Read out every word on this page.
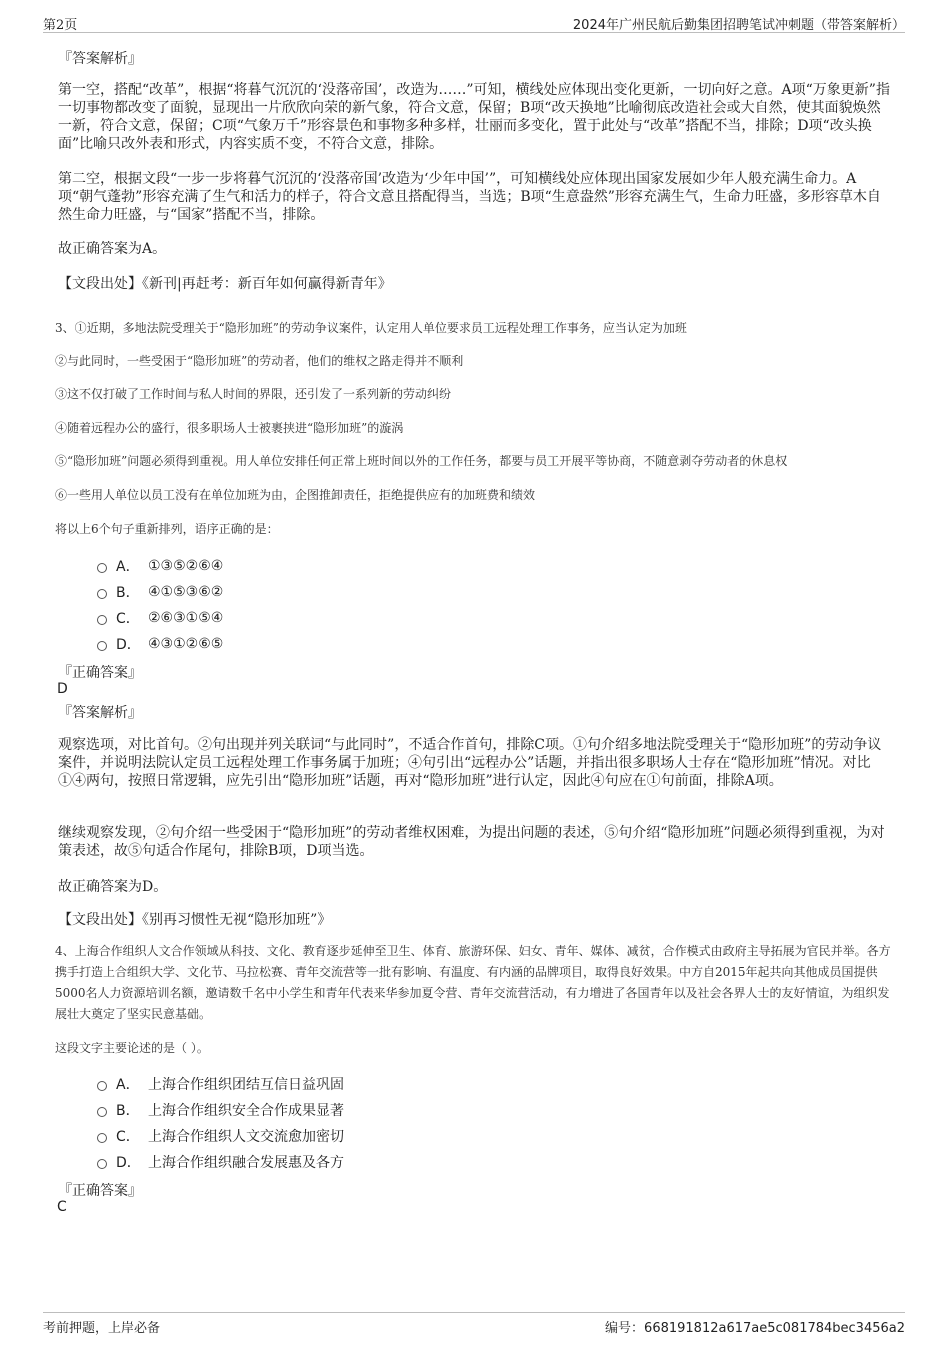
第2页	2024年广州民航后勤集团招聘笔试冲刺题（带答案解析）
『答案解析』

第一空，搭配“改革”，根据“将暮气沉沉的‘没落帝国’，改造为……”可知，横线处应体现出变化更新，一切向好之意。A项“万象更新”指一切事物都改变了面貌，显现出一片欣欣向荣的新气象，符合文意，保留；B项“改天换地”比喻彻底改造社会或大自然，使其面貌焕然一新，符合文意，保留；C项“气象万千”形容景色和事物多种多样，壮丽而多变化，置于此处与“改革”搭配不当，排除；D项“改头换面”比喻只改外表和形式，内容实质不变，不符合文意，排除。

第二空，根据文段“一步一步将暮气沉沉的‘没落帝国’改造为‘少年中国’”，可知横线处应体现出国家发展如少年人般充满生命力。A项“朝气蓬勃”形容充满了生气和活力的样子，符合文意且搭配得当，当选；B项“生意盎然”形容充满生气，生命力旺盛，多形容草木自然生命力旺盛，与“国家”搭配不当，排除。

故正确答案为A。
【文段出处】《新刊|再赶考：新百年如何赢得新青年》
3、①近期，多地法院受理关于“隐形加班”的劳动争议案件，认定用人单位要求员工远程处理工作事务，应当认定为加班
②与此同时，一些受困于“隐形加班”的劳动者，他们的维权之路走得并不顺利
③这不仅打破了工作时间与私人时间的界限，还引发了一系列新的劳动纠纷
④随着远程办公的盛行，很多职场人士被裹挟进“隐形加班”的漩涡
⑤“隐形加班”问题必须得到重视。用人单位安排任何正常上班时间以外的工作任务，都要与员工开展平等协商，不随意剥夺劳动者的休息权
⑥一些用人单位以员工没有在单位加班为由，企图推卸责任，拒绝提供应有的加班费和绩效
将以上6个句子重新排列，语序正确的是：
A． ①③⑤②⑥④
B． ④①⑤③⑥②
C． ②⑥③①⑤④
D． ④③①②⑥⑤
『正确答案』
D
『答案解析』

观察选项，对比首句。②句出现并列关联词“与此同时”，不适合作首句，排除C项。①句介绍多地法院受理关于“隐形加班”的劳动争议案件，并说明法院认定员工远程处理工作事务属于加班；④句引出“远程办公”话题，并指出很多职场人士存在“隐形加班”情况。对比①④两句，按照日常逻辑，应先引出“隐形加班”话题，再对“隐形加班”进行认定，因此④句应在①句前面，排除A项。

继续观察发现，②句介绍一些受困于“隐形加班”的劳动者维权困难，为提出问题的表述，⑤句介绍“隐形加班”问题必须得到重视，为对策表述，故⑤句适合作尾句，排除B项，D项当选。

故正确答案为D。
【文段出处】《别再习惯性无视“隐形加班”》

4、上海合作组织人文合作领域从科技、文化、教育逐步延伸至卫生、体育、旅游环保、妇女、青年、媒体、减贫，合作模式由政府主导拓展为官民并举。各方携手打造上合组织大学、文化节、马拉松赛、青年交流营等一批有影响、有温度、有内涵的品牌项目，取得良好效果。中方自2015年起共向其他成员国提供5000名人力资源培训名额，邀请数千名中小学生和青年代表来华参加夏令营、青年交流营活动，有力增进了各国青年以及社会各界人士的友好情谊，为组织发展壮大奠定了坚实民意基础。

这段文字主要论述的是（ ）。
A． 上海合作组织团结互信日益巩固
B． 上海合作组织安全合作成果显著
C． 上海合作组织人文交流愈加密切
D． 上海合作组织融合发展惠及各方
『正确答案』
C
考前押题，上岸必备	编号：668191812a617ae5c081784bec3456a2
